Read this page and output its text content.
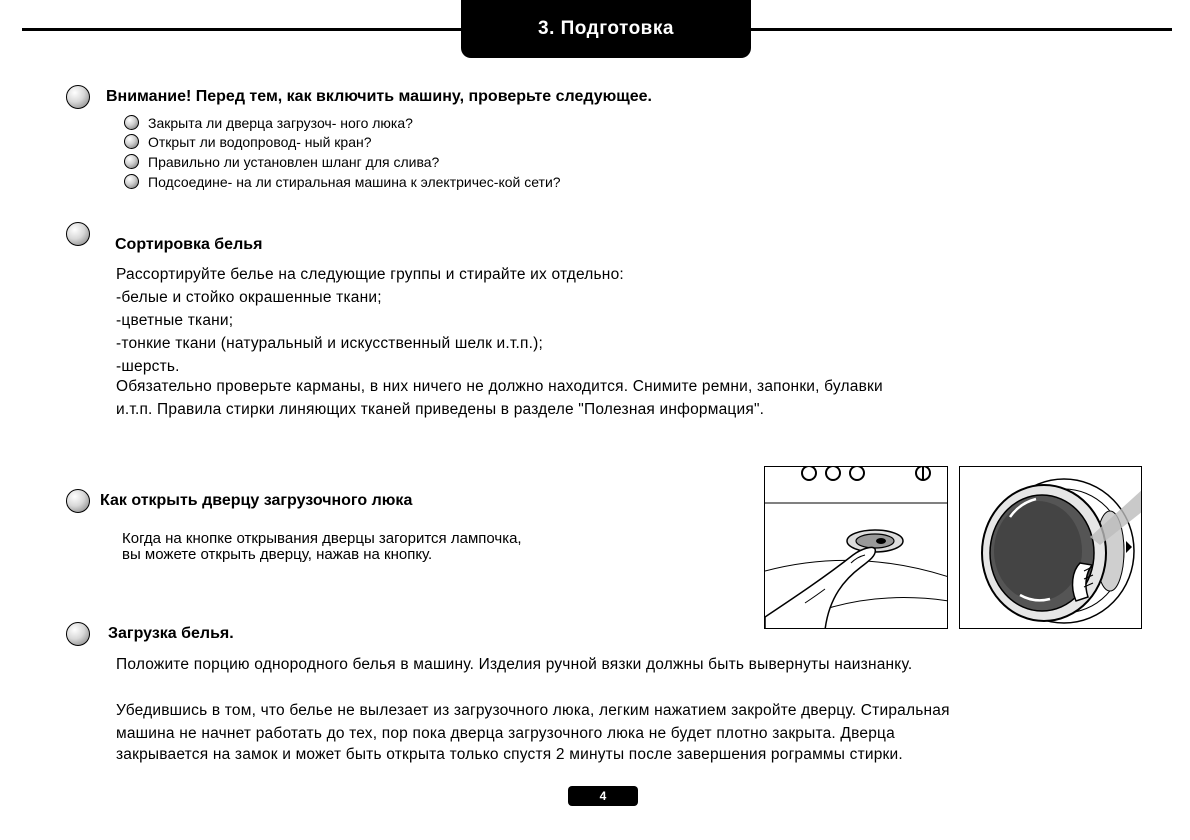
3. Подготовка
Внимание! Перед тем, как включить машину, проверьте следующее.
Закрыта ли дверца загрузоч- ного люка?
Открыт ли водопровод- ный кран?
Правильно ли установлен шланг для слива?
Подсоедине- на ли стиральная машина к электричес-кой сети?
Сортировка белья
Рассортируйте белье на следующие группы и стирайте их отдельно:
-белые и стойко окрашенные ткани;
-цветные ткани;
-тонкие ткани (натуральный и искусственный шелк и.т.п.);
-шерсть.
Обязательно проверьте карманы, в них ничего не должно находится. Снимите ремни, запонки, булавки
и.т.п. Правила стирки линяющих тканей приведены в разделе "Полезная информация".
Как открыть дверцу загрузочного люка
Когда на кнопке открывания дверцы загорится лампочка,
вы можете открыть дверцу, нажав на кнопку.
Загрузка белья.
Положите порцию однородного белья в машину. Изделия ручной вязки должны быть вывернуты наизнанку.
Убедившись в том, что белье не вылезает из загрузочного люка, легким нажатием закройте дверцу. Стиральная
машина не начнет работать до тех, пор пока дверца загрузочного люка не будет плотно закрыта. Дверца
закрывается на замок и может быть открыта только спустя 2 минуты после завершения рограммы стирки.
4
